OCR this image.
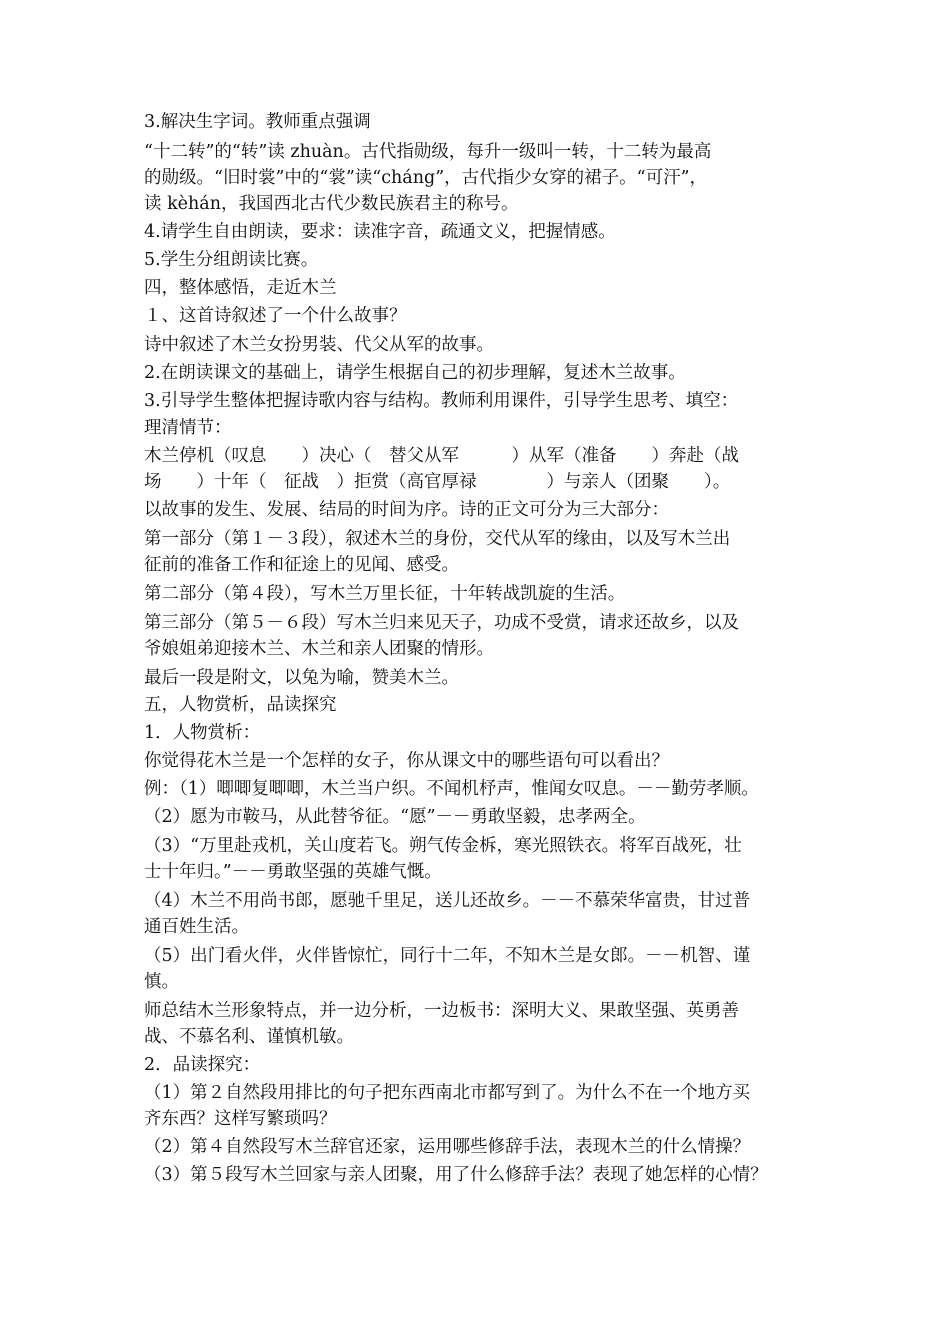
3.解决生字词。教师重点强调
“十二转”的“转”读 zhuàn。古代指勋级，每升一级叫一转，十二转为最高
的勋级。“旧时裳”中的“裳”读“cháng”，古代指少女穿的裙子。“可汗”，
读 kèhán，我国西北古代少数民族君主的称号。
4.请学生自由朗读，要求：读准字音，疏通文义，把握情感。
5.学生分组朗读比赛。
四，整体感悟，走近木兰
１、这首诗叙述了一个什么故事？
诗中叙述了木兰女扮男装、代父从军的故事。
2.在朗读课文的基础上，请学生根据自己的初步理解，复述木兰故事。
3.引导学生整体把握诗歌内容与结构。教师利用课件，引导学生思考、填空：
理清情节：
木兰停机（叹息　　）决心（　替父从军　　　）从军（准备　　）奔赴（战
场　　）十年（　征战　）拒赏（高官厚禄　　　　）与亲人（团聚　　）。
以故事的发生、发展、结局的时间为序。诗的正文可分为三大部分：
第一部分（第１－３段），叙述木兰的身份，交代从军的缘由，以及写木兰出
征前的准备工作和征途上的见闻、感受。
第二部分（第４段），写木兰万里长征，十年转战凯旋的生活。
第三部分（第５－６段）写木兰归来见天子，功成不受赏，请求还故乡，以及
爷娘姐弟迎接木兰、木兰和亲人团聚的情形。
最后一段是附文，以兔为喻，赞美木兰。
五，人物赏析，品读探究
1．人物赏析：
你觉得花木兰是一个怎样的女子，你从课文中的哪些语句可以看出？
例：（1）唧唧复唧唧，木兰当户织。不闻机杼声，惟闻女叹息。－－勤劳孝顺。
（2）愿为市鞍马，从此替爷征。“愿”－－勇敢坚毅，忠孝两全。
（3）“万里赴戎机，关山度若飞。朔气传金柝，寒光照铁衣。将军百战死，壮
士十年归。”－－勇敢坚强的英雄气慨。
（4）木兰不用尚书郎，愿驰千里足，送儿还故乡。－－不慕荣华富贵，甘过普
通百姓生活。
（5）出门看火伴，火伴皆惊忙，同行十二年，不知木兰是女郎。－－机智、谨
慎。
师总结木兰形象特点，并一边分析，一边板书：深明大义、果敢坚强、英勇善
战、不慕名利、谨慎机敏。
2．品读探究：
（1）第２自然段用排比的句子把东西南北市都写到了。为什么不在一个地方买
齐东西？这样写繁琐吗？
（2）第４自然段写木兰辞官还家，运用哪些修辞手法，表现木兰的什么情操？
（3）第５段写木兰回家与亲人团聚，用了什么修辞手法？表现了她怎样的心情？
